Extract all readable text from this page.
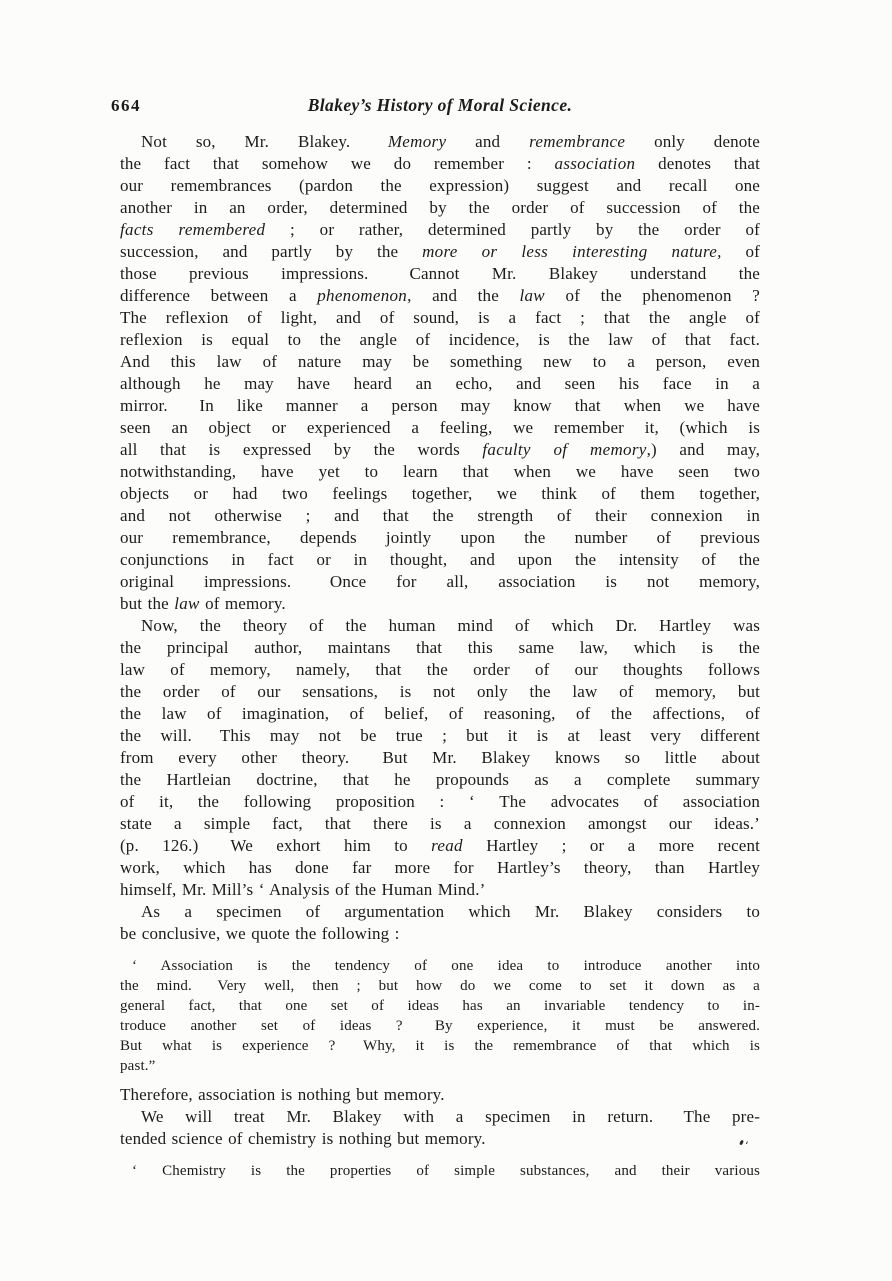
664	Blakey’s History of Moral Science.
Not so, Mr. Blakey.  Memory and remembrance only denote
the fact that somehow we do remember : association denotes that
our remembrances (pardon the expression) suggest and recall one
another in an order, determined by the order of succession of the
facts remembered ; or rather, determined partly by the order of
succession, and partly by the more or less interesting nature, of
those previous impressions.  Cannot Mr. Blakey understand the
difference between a phenomenon, and the law of the phenomenon ?
The reflexion of light, and of sound, is a fact ; that the angle of
reflexion is equal to the angle of incidence, is the law of that fact.
And this law of nature may be something new to a person, even
although he may have heard an echo, and seen his face in a
mirror.  In like manner a person may know that when we have
seen an object or experienced a feeling, we remember it, (which is
all that is expressed by the words faculty of memory,) and may,
notwithstanding, have yet to learn that when we have seen two
objects or had two feelings together, we think of them together,
and not otherwise ; and that the strength of their connexion in
our remembrance, depends jointly upon the number of previous
conjunctions in fact or in thought, and upon the intensity of the
original impressions.  Once for all, association is not memory,
but the law of memory.
Now, the theory of the human mind of which Dr. Hartley was
the principal author, maintans that this same law, which is the
law of memory, namely, that the order of our thoughts follows
the order of our sensations, is not only the law of memory, but
the law of imagination, of belief, of reasoning, of the affections, of
the will.  This may not be true ; but it is at least very different
from every other theory.  But Mr. Blakey knows so little about
the Hartleian doctrine, that he propounds as a complete summary
of it, the following proposition : ‘ The advocates of association
state a simple fact, that there is a connexion amongst our ideas.’
(p. 126.)  We exhort him to read Hartley ; or a more recent
work, which has done far more for Hartley’s theory, than Hartley
himself, Mr. Mill’s ‘ Analysis of the Human Mind.’
As a specimen of argumentation which Mr. Blakey considers to
be conclusive, we quote the following :
‘ Association is the tendency of one idea to introduce another into
the mind.  Very well, then ; but how do we come to set it down as a
general fact, that one set of ideas has an invariable tendency to in-
troduce another set of ideas ?  By experience, it must be answered.
But what is experience ?  Why, it is the remembrance of that which is
past.”
Therefore, association is nothing but memory.
We will treat Mr. Blakey with a specimen in return.  The pre-
tended science of chemistry is nothing but memory.
‘ Chemistry is the properties of simple substances, and their various
